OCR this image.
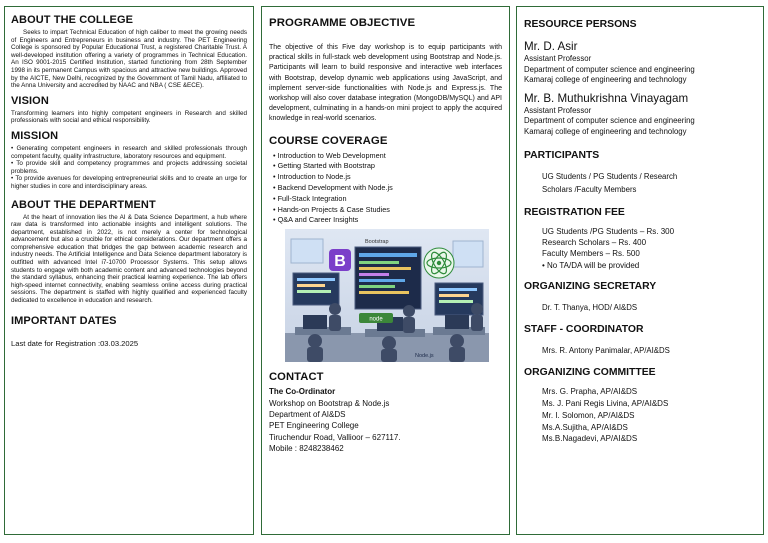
ABOUT THE COLLEGE

Seeks to impart Technical Education of high caliber to meet the growing needs of Engineers and Entrepreneurs in business and industry. The PET Engineering College is sponsored by Popular Educational Trust, a registered Charitable Trust. A well-developed institution offering a variety of programmes in Technical Education. An ISO 9001-2015 Certified Institution, started functioning from 28th September 1998 in its permanent Campus with spacious and attractive new buildings. Approved by the AICTE, New Delhi, recognized by the Government of Tamil Nadu, affiliated to the Anna University and accredited by NAAC and NBA ( CSE &ECE).

VISION

Transforming learners into highly competent engineers in Research and skilled professionals with social and ethical responsibility.

MISSION
• Generating competent engineers in research and skilled professionals through competent faculty, quality infrastructure, laboratory resources and equipment.
• To provide skill and competency programmes and projects addressing societal problems.
• To provide avenues for developing entrepreneurial skills and to create an urge for higher studies in core and interdisciplinary areas.
ABOUT THE DEPARTMENT

At the heart of innovation lies the AI & Data Science Department, a hub where raw data is transformed into actionable insights and intelligent solutions. The department, established in 2022, is not merely a center for technological advancement but also a crucible for ethical considerations. Our department offers a comprehensive education that bridges the gap between academic research and industry needs. The Artificial Intelligence and Data Science department laboratory is outfitted with advanced Intel i7-10700 Processor Systems. This setup allows students to engage with both academic content and advanced technologies beyond the standard syllabus, enhancing their practical learning experience. The lab offers high-speed internet connectivity, enabling seamless online access during practical sessions. The department is staffed with highly qualified and experienced faculty dedicated to excellence in education and research.

IMPORTANT DATES

Last date for Registration :03.03.2025

PROGRAMME OBJECTIVE

The objective of this Five day workshop is to equip participants with practical skills in full-stack web development using Bootstrap and Node.js. Participants will learn to build responsive and interactive web interfaces with Bootstrap, develop dynamic web applications using JavaScript, and implement server-side functionalities with Node.js and Express.js. The workshop will also cover database integration (MongoDB/MySQL) and API development, culminating in a hands-on mini project to apply the acquired knowledge in real-world scenarios.

COURSE COVERAGE
• Introduction to Web Development
• Getting Started with Bootstrap
• Introduction to Node.js
• Backend Development with Node.js
• Full-Stack Integration
• Hands-on Projects & Case Studies
• Q&A and Career Insights
B
Bootstrap
node
Node.js
CONTACT

The Co-Ordinator

Workshop on Bootstrap & Node.js

Department of AI&DS

PET Engineering College

Tiruchendur Road, Vallioor – 627117.

Mobile : 8248238462

RESOURCE PERSONS
Mr. D. Asir

Assistant Professor

Department of computer science and engineering

Kamaraj college of engineering and technology

Mr. B. Muthukrishna Vinayagam

Assistant Professor

Department of computer science and engineering

Kamaraj college of engineering and technology

PARTICIPANTS

UG Students / PG Students / Research

Scholars /Faculty Members

REGISTRATION FEE

UG Students /PG Students – Rs. 300

Research Scholars – Rs. 400

Faculty Members – Rs. 500

• No TA/DA will be provided

ORGANIZING SECRETARY

Dr. T. Thanya, HOD/ AI&DS

STAFF - COORDINATOR

Mrs. R. Antony Panimalar, AP/AI&DS

ORGANIZING COMMITTEE

Mrs. G. Prapha, AP/AI&DS

Ms. J. Pani Regis Livina, AP/AI&DS

Mr. I. Solomon, AP/AI&DS

Ms.A.Sujitha, AP/AI&DS

Ms.B.Nagadevi, AP/AI&DS
